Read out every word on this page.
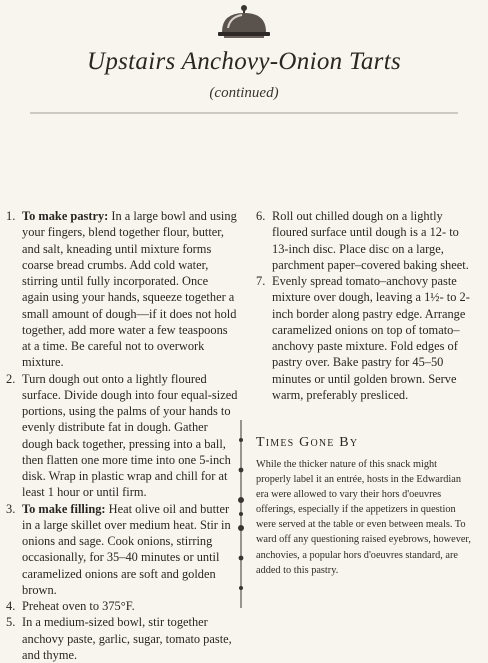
Upstairs Anchovy-Onion Tarts
(continued)
1. To make pastry: In a large bowl and using your fingers, blend together flour, butter, and salt, kneading until mixture forms coarse bread crumbs. Add cold water, stirring until fully incorporated. Once again using your hands, squeeze together a small amount of dough—if it does not hold together, add more water a few teaspoons at a time. Be careful not to overwork mixture.
2. Turn dough out onto a lightly floured surface. Divide dough into four equal-sized portions, using the palms of your hands to evenly distribute fat in dough. Gather dough back together, pressing into a ball, then flatten one more time into one 5-inch disk. Wrap in plastic wrap and chill for at least 1 hour or until firm.
3. To make filling: Heat olive oil and butter in a large skillet over medium heat. Stir in onions and sage. Cook onions, stirring occasionally, for 35–40 minutes or until caramelized onions are soft and golden brown.
4. Preheat oven to 375°F.
5. In a medium-sized bowl, stir together anchovy paste, garlic, sugar, tomato paste, and thyme.
6. Roll out chilled dough on a lightly floured surface until dough is a 12- to 13-inch disc. Place disc on a large, parchment paper–covered baking sheet.
7. Evenly spread tomato–anchovy paste mixture over dough, leaving a 1½- to 2-inch border along pastry edge. Arrange caramelized onions on top of tomato–anchovy paste mixture. Fold edges of pastry over. Bake pastry for 45–50 minutes or until golden brown. Serve warm, preferably presliced.
Times Gone By
While the thicker nature of this snack might properly label it an entrée, hosts in the Edwardian era were allowed to vary their hors d'oeuvres offerings, especially if the appetizers in question were served at the table or even between meals. To ward off any questioning raised eyebrows, however, anchovies, a popular hors d'oeuvres standard, are added to this pastry.
